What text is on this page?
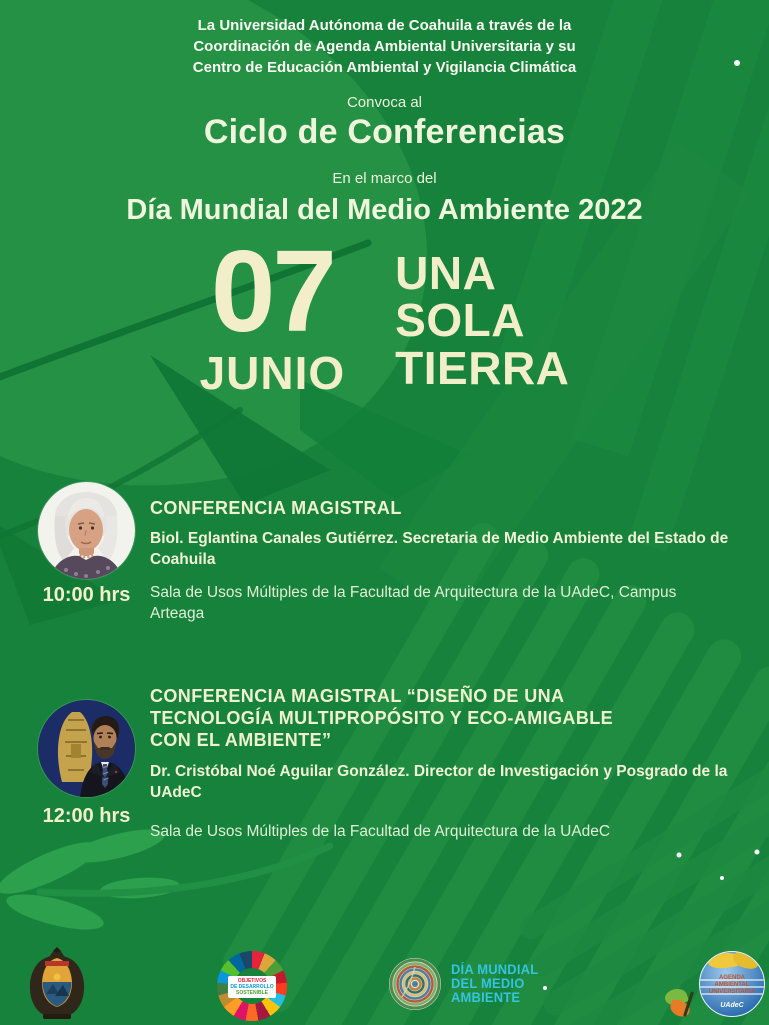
La Universidad Autónoma de Coahuila a través de la
Coordinación de Agenda Ambiental Universitaria y su
Centro de Educación Ambiental y Vigilancia Climática
Convoca al
Ciclo de Conferencias
En el marco del
Día Mundial del Medio Ambiente 2022
07
JUNIO
UNA
SOLA
TIERRA
10:00 hrs
CONFERENCIA MAGISTRAL
Biol. Eglantina Canales Gutiérrez. Secretaria de Medio Ambiente del Estado de Coahuila
Sala de Usos Múltiples de la Facultad de Arquitectura de la UAdeC, Campus Arteaga
12:00 hrs
CONFERENCIA MAGISTRAL “DISEÑO DE UNA TECNOLOGÍA MULTIPROPÓSITO Y ECO-AMIGABLE CON EL AMBIENTE”
Dr. Cristóbal Noé Aguilar González. Director de Investigación y Posgrado de la UAdeC
Sala de Usos Múltiples de la Facultad de Arquitectura de la UAdeC
OBJETIVOS
DE DESARROLLO
SOSTENIBLE
DÍA MUNDIAL
DEL MEDIO
AMBIENTE
AGENDA
AMBIENTAL
UNIVERSITARIA
UAdeC
